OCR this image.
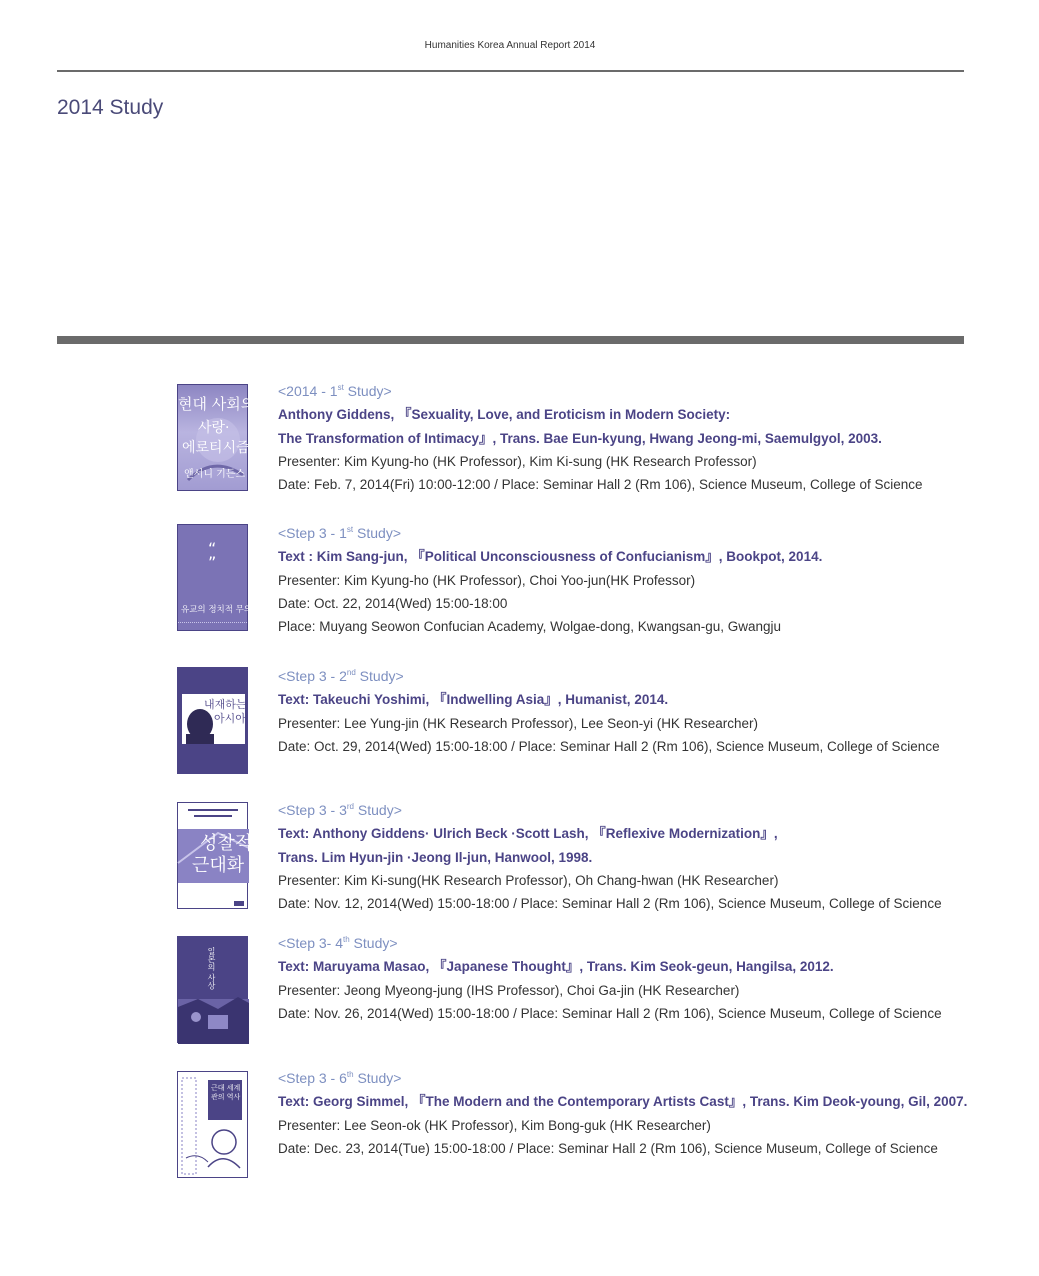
Humanities Korea Annual Report 2014
2014 Study
현대 사회의
사랑·
에로티시즘
앤서니 기든스
<2014 - 1st Study>
Anthony Giddens, 『Sexuality, Love, and Eroticism in Modern Society:
The Transformation of Intimacy』, Trans. Bae Eun-kyung, Hwang Jeong-mi, Saemulgyol, 2003.
Presenter: Kim Kyung-ho (HK Professor), Kim Ki-sung (HK Research Professor)
Date: Feb. 7, 2014(Fri) 10:00-12:00 / Place: Seminar Hall 2 (Rm 106), Science Museum, College of Science
“
”
유교의 정치적 무의식
<Step 3 - 1st Study>
Text : Kim Sang-jun, 『Political Unconsciousness of Confucianism』, Bookpot, 2014.
Presenter: Kim Kyung-ho (HK Professor), Choi Yoo-jun(HK Professor)
Date: Oct. 22, 2014(Wed) 15:00-18:00
Place: Muyang Seowon Confucian Academy, Wolgae-dong, Kwangsan-gu, Gwangju
내재하는
아시아
<Step 3 - 2nd Study>
Text: Takeuchi Yoshimi, 『Indwelling Asia』, Humanist, 2014.
Presenter: Lee Yung-jin (HK Research Professor), Lee Seon-yi (HK Researcher)
Date: Oct. 29, 2014(Wed) 15:00-18:00 / Place: Seminar Hall 2 (Rm 106), Science Museum, College of Science
성찰적
근대화
<Step 3 - 3rd Study>
Text: Anthony Giddens· Ulrich Beck ·Scott Lash, 『Reflexive Modernization』,
Trans. Lim Hyun-jin ·Jeong Il-jun, Hanwool, 1998.
Presenter: Kim Ki-sung(HK Research Professor), Oh Chang-hwan (HK Researcher)
Date: Nov. 12, 2014(Wed) 15:00-18:00 / Place: Seminar Hall 2 (Rm 106), Science Museum, College of Science
일본의 사상
<Step 3- 4th Study>
Text: Maruyama Masao, 『Japanese Thought』, Trans. Kim Seok-geun, Hangilsa, 2012.
Presenter: Jeong Myeong-jung (IHS Professor), Choi Ga-jin (HK Researcher)
Date: Nov. 26, 2014(Wed) 15:00-18:00 / Place: Seminar Hall 2 (Rm 106), Science Museum, College of Science
근대 세계관의 역사
<Step 3 - 6th Study>
Text: Georg Simmel, 『The Modern and the Contemporary Artists Cast』, Trans. Kim Deok-young, Gil, 2007.
Presenter: Lee Seon-ok (HK Professor), Kim Bong-guk (HK Researcher)
Date: Dec. 23, 2014(Tue) 15:00-18:00 / Place: Seminar Hall 2 (Rm 106), Science Museum, College of Science
